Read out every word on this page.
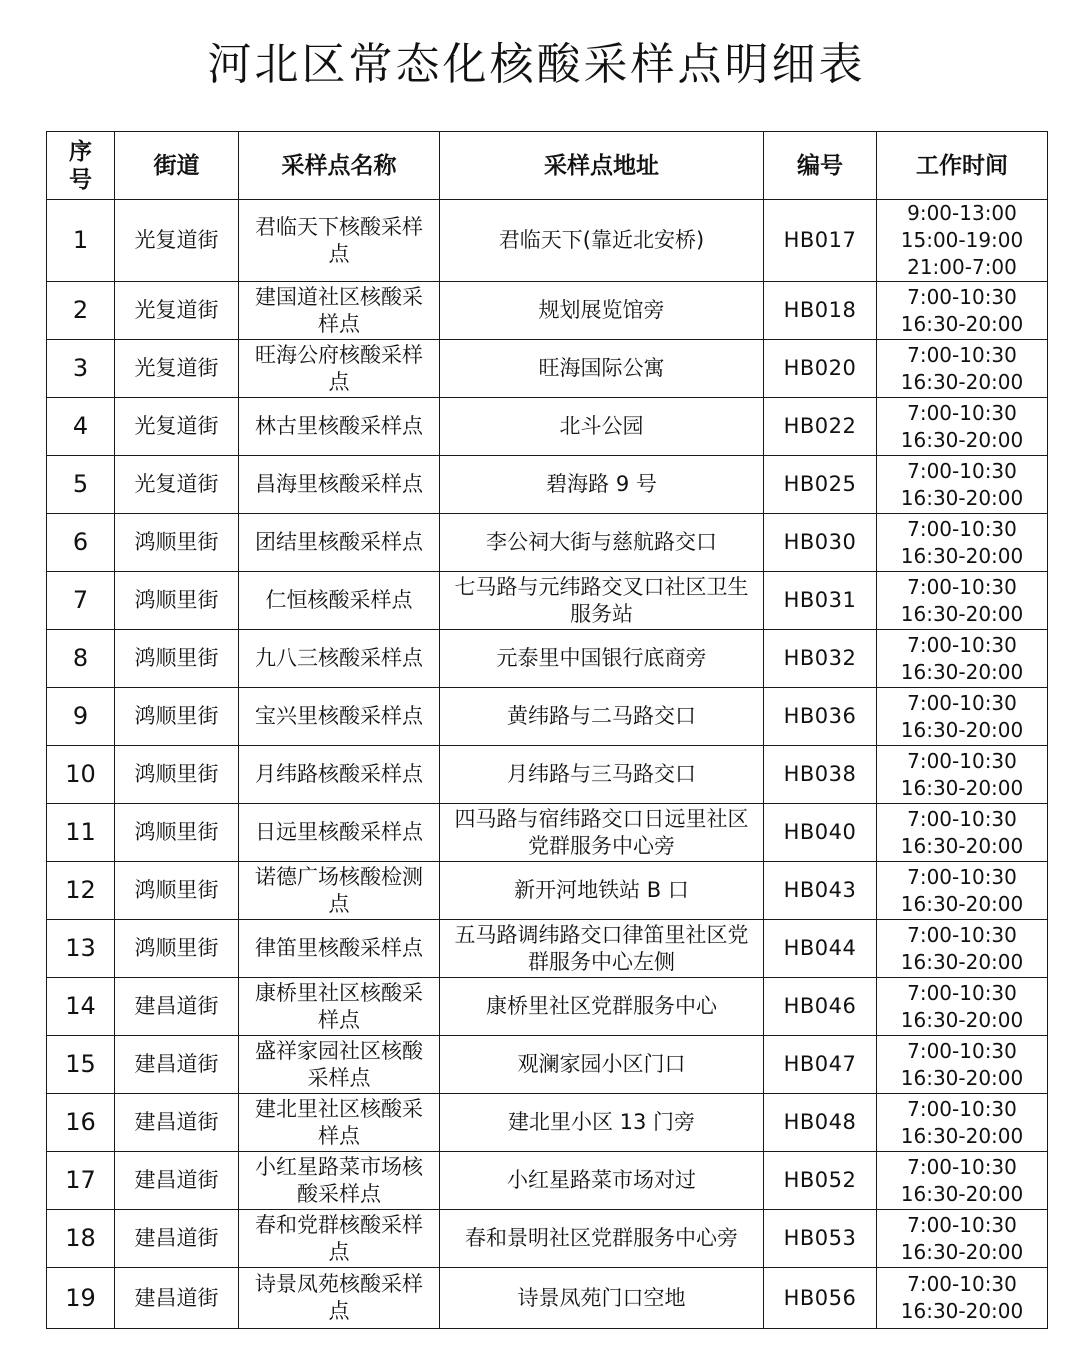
河北区常态化核酸采样点明细表
序号	街道	采样点名称	采样点地址	编号	工作时间
1	光复道街	君临天下核酸采样点	君临天下(靠近北安桥)	HB017	9:00-13:00
15:00-19:00
21:00-7:00

2	光复道街	建国道社区核酸采样点	规划展览馆旁	HB018	7:00-10:30
16:30-20:00

3	光复道街	旺海公府核酸采样点	旺海国际公寓	HB020	7:00-10:30
16:30-20:00

4	光复道街	林古里核酸采样点	北斗公园	HB022	7:00-10:30
16:30-20:00

5	光复道街	昌海里核酸采样点	碧海路 9 号	HB025	7:00-10:30
16:30-20:00

6	鸿顺里街	团结里核酸采样点	李公祠大街与慈航路交口	HB030	7:00-10:30
16:30-20:00

7	鸿顺里街	仁恒核酸采样点	七马路与元纬路交叉口社区卫生服务站	HB031	7:00-10:30
16:30-20:00

8	鸿顺里街	九八三核酸采样点	元泰里中国银行底商旁	HB032	7:00-10:30
16:30-20:00

9	鸿顺里街	宝兴里核酸采样点	黄纬路与二马路交口	HB036	7:00-10:30
16:30-20:00

10	鸿顺里街	月纬路核酸采样点	月纬路与三马路交口	HB038	7:00-10:30
16:30-20:00

11	鸿顺里街	日远里核酸采样点	四马路与宿纬路交口日远里社区党群服务中心旁	HB040	7:00-10:30
16:30-20:00

12	鸿顺里街	诺德广场核酸检测点	新开河地铁站 B 口	HB043	7:00-10:30
16:30-20:00

13	鸿顺里街	律笛里核酸采样点	五马路调纬路交口律笛里社区党群服务中心左侧	HB044	7:00-10:30
16:30-20:00

14	建昌道街	康桥里社区核酸采样点	康桥里社区党群服务中心	HB046	7:00-10:30
16:30-20:00

15	建昌道街	盛祥家园社区核酸采样点	观澜家园小区门口	HB047	7:00-10:30
16:30-20:00

16	建昌道街	建北里社区核酸采样点	建北里小区 13 门旁	HB048	7:00-10:30
16:30-20:00

17	建昌道街	小红星路菜市场核酸采样点	小红星路菜市场对过	HB052	7:00-10:30
16:30-20:00

18	建昌道街	春和党群核酸采样点	春和景明社区党群服务中心旁	HB053	7:00-10:30
16:30-20:00

19	建昌道街	诗景凤苑核酸采样点	诗景凤苑门口空地	HB056	7:00-10:30
16:30-20:00
